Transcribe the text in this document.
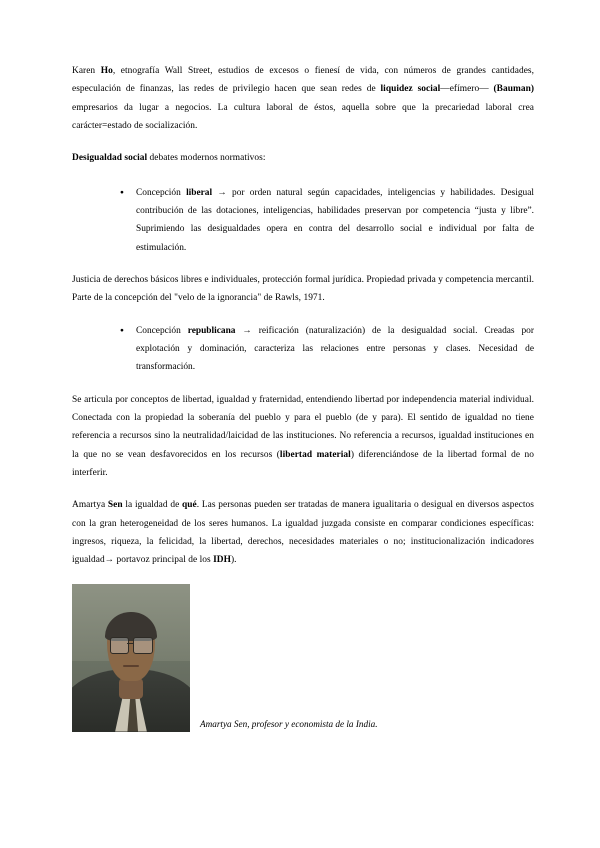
Karen Ho, etnografía Wall Street, estudios de excesos o fienesí de vida, con números de grandes cantidades, especulación de finanzas, las redes de privilegio hacen que sean redes de liquidez social—efímero— (Bauman) empresarios da lugar a negocios. La cultura laboral de éstos, aquella sobre que la precariedad laboral crea carácter=estado de socialización.

Desigualdad social debates modernos normativos:

● Concepción liberal → por orden natural según capacidades, inteligencias y habilidades. Desigual contribución de las dotaciones, inteligencias, habilidades preservan por competencia “justa y libre”. Suprimiendo las desigualdades opera en contra del desarrollo social e individual por falta de estimulación.

Justicia de derechos básicos libres e individuales, protección formal jurídica. Propiedad privada y competencia mercantil. Parte de la concepción del "velo de la ignorancia" de Rawls, 1971.

● Concepción republicana → reificación (naturalización) de la desigualdad social. Creadas por explotación y dominación, caracteriza las relaciones entre personas y clases. Necesidad de transformación.

Se articula por conceptos de libertad, igualdad y fraternidad, entendiendo libertad por independencia material individual. Conectada con la propiedad la soberanía del pueblo y para el pueblo (de y para). El sentido de igualdad no tiene referencia a recursos sino la neutralidad/laicidad de las instituciones. No referencia a recursos, igualdad instituciones en la que no se vean desfavorecidos en los recursos (libertad material) diferenciándose de la libertad formal de no interferir.

Amartya Sen la igualdad de qué. Las personas pueden ser tratadas de manera igualitaria o desigual en diversos aspectos con la gran heterogeneidad de los seres humanos. La igualdad juzgada consiste en comparar condiciones específicas: ingresos, riqueza, la felicidad, la libertad, derechos, necesidades materiales o no; institucionalización indicadores igualdad→ portavoz principal de los IDH).

Amartya Sen, profesor y economista de la India.
